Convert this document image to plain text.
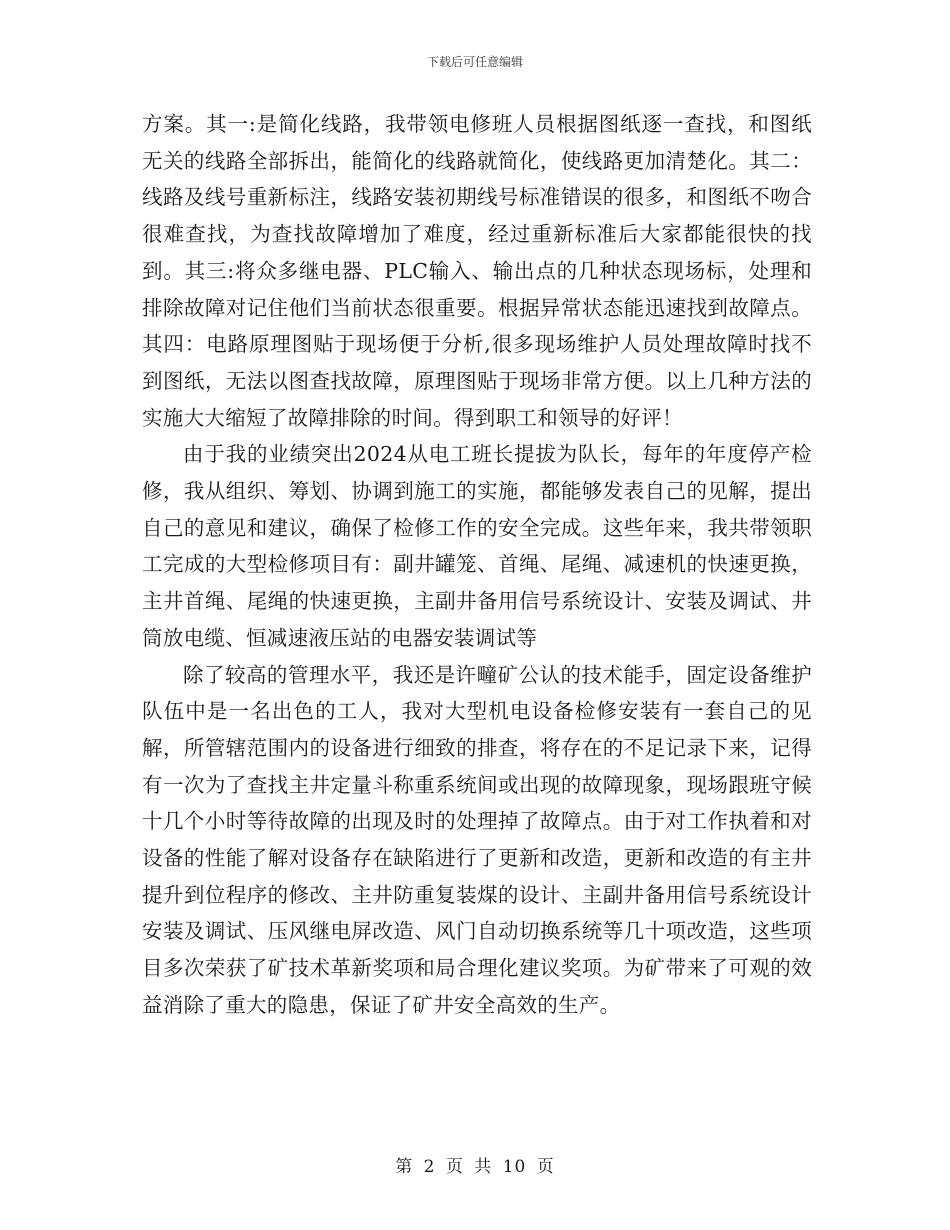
下载后可任意编辑

方案。其一:是简化线路，我带领电修班人员根据图纸逐一查找，和图纸无关的线路全部拆出，能简化的线路就简化，使线路更加清楚化。其二：线路及线号重新标注，线路安装初期线号标准错误的很多，和图纸不吻合很难查找，为查找故障增加了难度，经过重新标准后大家都能很快的找到。其三:将众多继电器、PLC输入、输出点的几种状态现场标，处理和排除故障对记住他们当前状态很重要。根据异常状态能迅速找到故障点。其四：电路原理图贴于现场便于分析,很多现场维护人员处理故障时找不到图纸，无法以图查找故障，原理图贴于现场非常方便。以上几种方法的实施大大缩短了故障排除的时间。得到职工和领导的好评！

由于我的业绩突出2024从电工班长提拔为队长，每年的年度停产检修，我从组织、筹划、协调到施工的实施，都能够发表自己的见解，提出自己的意见和建议，确保了检修工作的安全完成。这些年来，我共带领职工完成的大型检修项目有：副井罐笼、首绳、尾绳、减速机的快速更换，主井首绳、尾绳的快速更换，主副井备用信号系统设计、安装及调试、井筒放电缆、恒减速液压站的电器安装调试等

除了较高的管理水平，我还是许疃矿公认的技术能手，固定设备维护队伍中是一名出色的工人，我对大型机电设备检修安装有一套自己的见解，所管辖范围内的设备进行细致的排查，将存在的不足记录下来，记得有一次为了查找主井定量斗称重系统间或出现的故障现象，现场跟班守候十几个小时等待故障的出现及时的处理掉了故障点。由于对工作执着和对设备的性能了解对设备存在缺陷进行了更新和改造，更新和改造的有主井提升到位程序的修改、主井防重复装煤的设计、主副井备用信号系统设计安装及调试、压风继电屏改造、风门自动切换系统等几十项改造，这些项目多次荣获了矿技术革新奖项和局合理化建议奖项。为矿带来了可观的效益消除了重大的隐患，保证了矿井安全高效的生产。

第 2 页 共 10 页
